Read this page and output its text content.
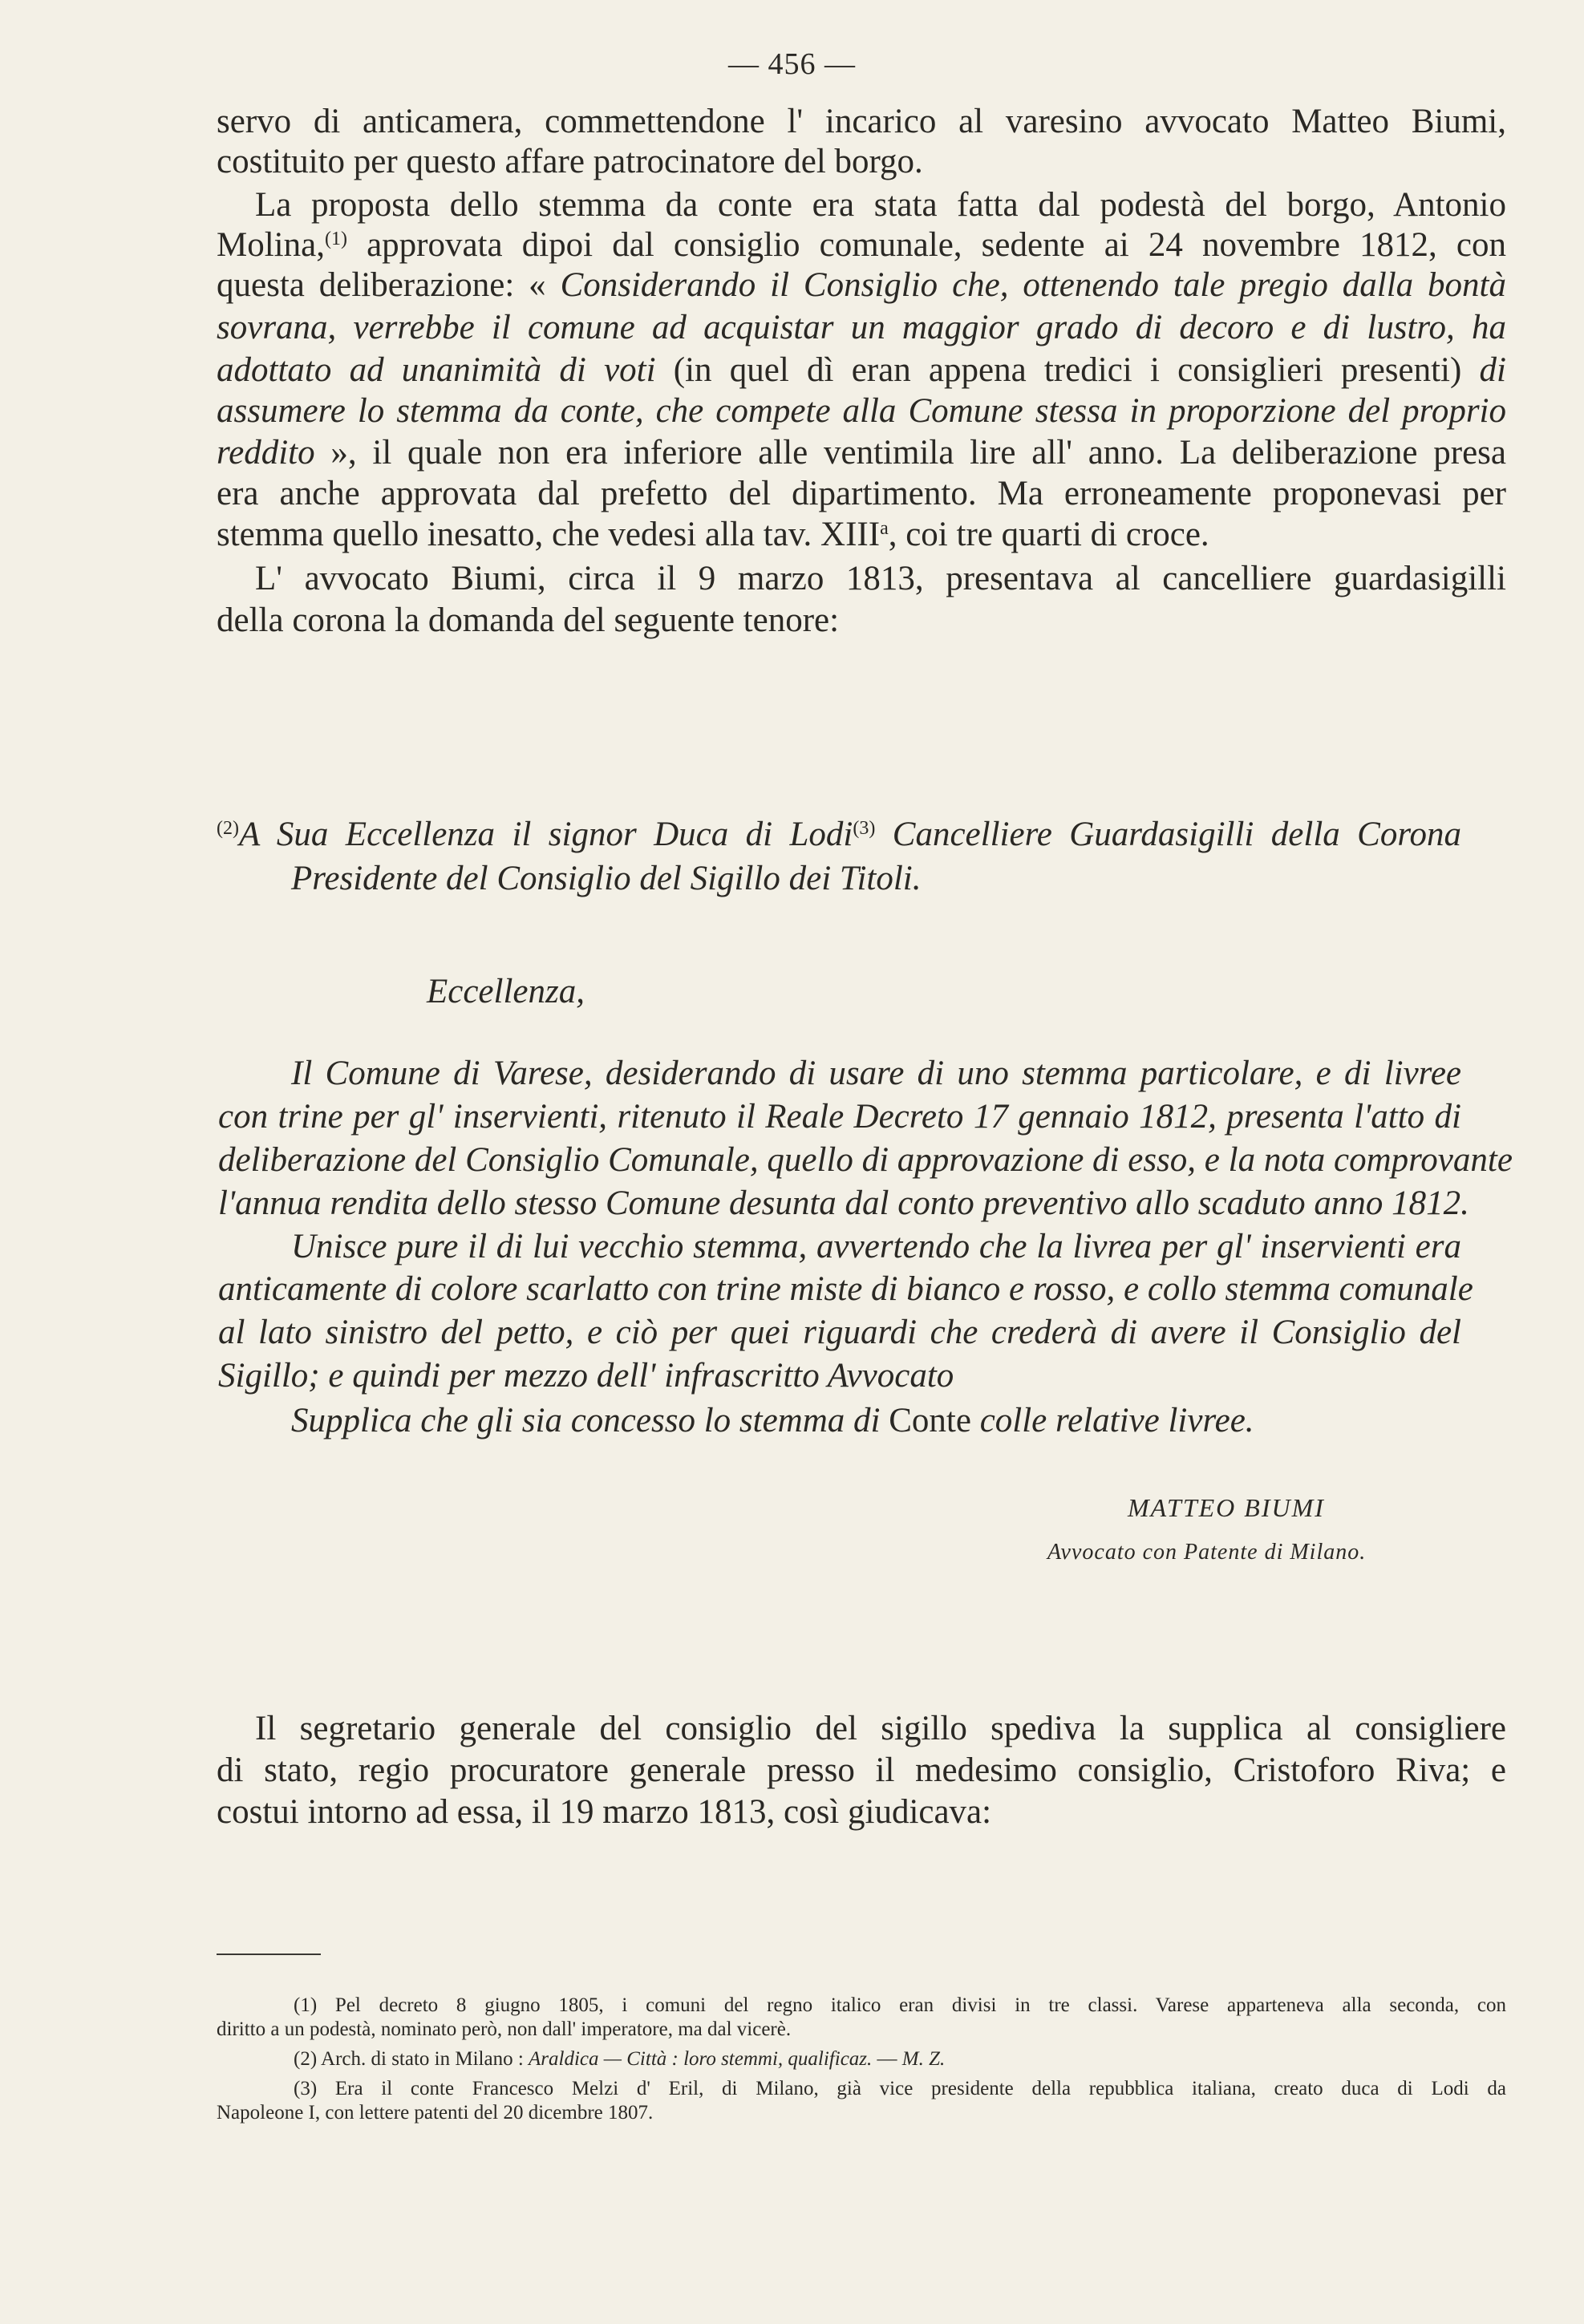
— 456 —
servo di anticamera, commettendone l' incarico al varesino avvocato Matteo Biumi,
costituito per questo affare patrocinatore del borgo.
La proposta dello stemma da conte era stata fatta dal podestà del borgo, Antonio
Molina,$^{(1)}$ approvata dipoi dal consiglio comunale, sedente ai 24 novembre 1812, con
questa deliberazione: « Considerando il Consiglio che, ottenendo tale pregio dalla bontà
sovrana, verrebbe il comune ad acquistar un maggior grado di decoro e di lustro, ha
adottato ad unanimità di voti (in quel dì eran appena tredici i consiglieri presenti) di
assumere lo stemma da conte, che compete alla Comune stessa in proporzione del proprio
reddito », il quale non era inferiore alle ventimila lire all' anno. La deliberazione presa
era anche approvata dal prefetto del dipartimento. Ma erroneamente proponevasi per
stemma quello inesatto, che vedesi alla tav. XIII$^a$, coi tre quarti di croce.
L' avvocato Biumi, circa il 9 marzo 1813, presentava al cancelliere guardasigilli
della corona la domanda del seguente tenore:
$^{(2)}$A Sua Eccellenza il signor Duca di Lodi$^{(3)}$ Cancelliere Guardasigilli della Corona
Presidente del Consiglio del Sigillo dei Titoli.
Eccellenza,
Il Comune di Varese, desiderando di usare di uno stemma particolare, e di livree
con trine per gl' inservienti, ritenuto il Reale Decreto 17 gennaio 1812, presenta l'atto di
deliberazione del Consiglio Comunale, quello di approvazione di esso, e la nota comprovante
l'annua rendita dello stesso Comune desunta dal conto preventivo allo scaduto anno 1812.
Unisce pure il di lui vecchio stemma, avvertendo che la livrea per gl' inservienti era
anticamente di colore scarlatto con trine miste di bianco e rosso, e collo stemma comunale
al lato sinistro del petto, e ciò per quei riguardi che crederà di avere il Consiglio del
Sigillo; e quindi per mezzo dell' infrascritto Avvocato
Supplica che gli sia concesso lo stemma di Conte colle relative livree.
MATTEO BIUMI
Avvocato con Patente di Milano.
Il segretario generale del consiglio del sigillo spediva la supplica al consigliere
di stato, regio procuratore generale presso il medesimo consiglio, Cristoforo Riva; e
costui intorno ad essa, il 19 marzo 1813, così giudicava:
(1) Pel decreto 8 giugno 1805, i comuni del regno italico eran divisi in tre classi. Varese apparteneva alla seconda, con
diritto a un podestà, nominato però, non dall' imperatore, ma dal vicerè.
(2) Arch. di stato in Milano : Araldica — Città : loro stemmi, qualificaz. — M. Z.
(3) Era il conte Francesco Melzi d' Eril, di Milano, già vice presidente della repubblica italiana, creato duca di Lodi da
Napoleone I, con lettere patenti del 20 dicembre 1807.
